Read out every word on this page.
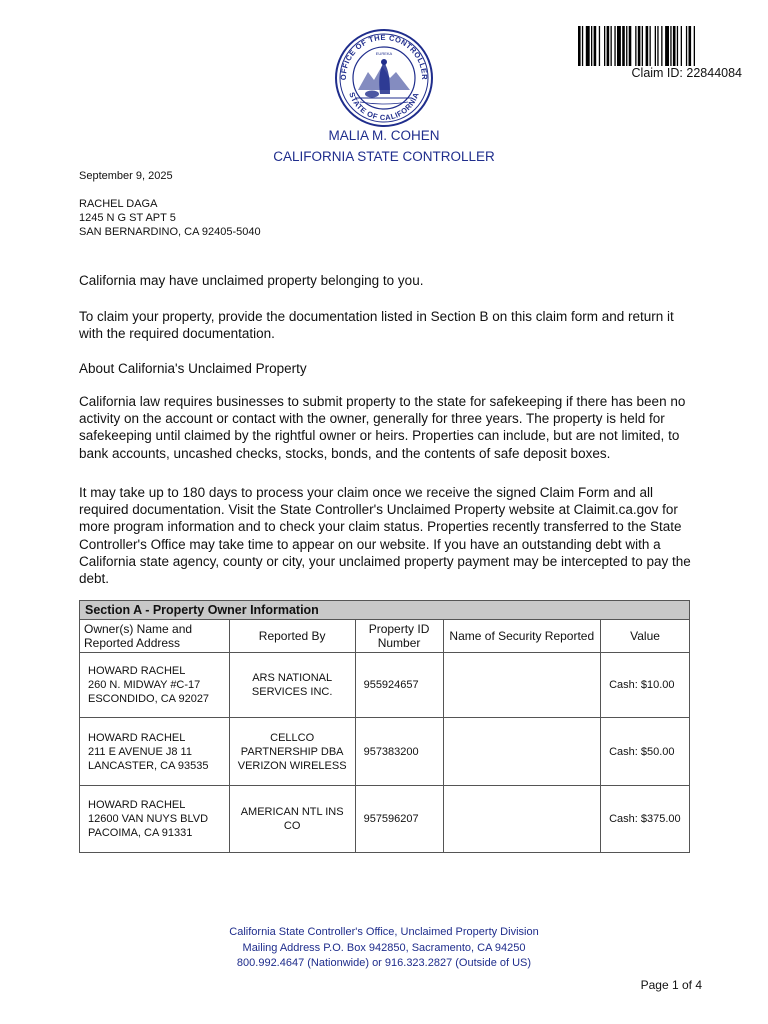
OFFICE OF THE CONTROLLER
STATE OF CALIFORNIA
EUREKA
Claim ID: 22844084
MALIA M. COHEN
CALIFORNIA STATE CONTROLLER
September 9, 2025
RACHEL DAGA
1245 N G ST APT 5
SAN BERNARDINO, CA 92405-5040

California may have unclaimed property belonging to you.

To claim your property, provide the documentation listed in Section B on this claim form and return it with the required documentation.

About California's Unclaimed Property

California law requires businesses to submit property to the state for safekeeping if there has been no activity on the account or contact with the owner, generally for three years. The property is held for safekeeping until claimed by the rightful owner or heirs. Properties can include, but are not limited, to bank accounts, uncashed checks, stocks, bonds, and the contents of safe deposit boxes.

It may take up to 180 days to process your claim once we receive the signed Claim Form and all required documentation. Visit the State Controller's Unclaimed Property website at Claimit.ca.gov for more program information and to check your claim status. Properties recently transferred to the State Controller's Office may take time to appear on our website. If you have an outstanding debt with a California state agency, county or city, your unclaimed property payment may be intercepted to pay the debt.

Section A - Property Owner Information				
Owner(s) Name and Reported Address	Reported By	Property ID Number	Name of Security Reported	Value

HOWARD RACHEL
260 N. MIDWAY #C-17
ESCONDIDO, CA 92027	ARS NATIONAL SERVICES INC.	955924657		Cash: $10.00

HOWARD RACHEL
211 E AVENUE J8 11
LANCASTER, CA 93535	CELLCO PARTNERSHIP DBA VERIZON WIRELESS	957383200		Cash: $50.00

HOWARD RACHEL
12600 VAN NUYS BLVD
PACOIMA, CA 91331	AMERICAN NTL INS CO	957596207		Cash: $375.00
California State Controller's Office, Unclaimed Property Division
Mailing Address P.O. Box 942850, Sacramento, CA 94250
800.992.4647 (Nationwide) or 916.323.2827 (Outside of US)
Page 1 of 4
